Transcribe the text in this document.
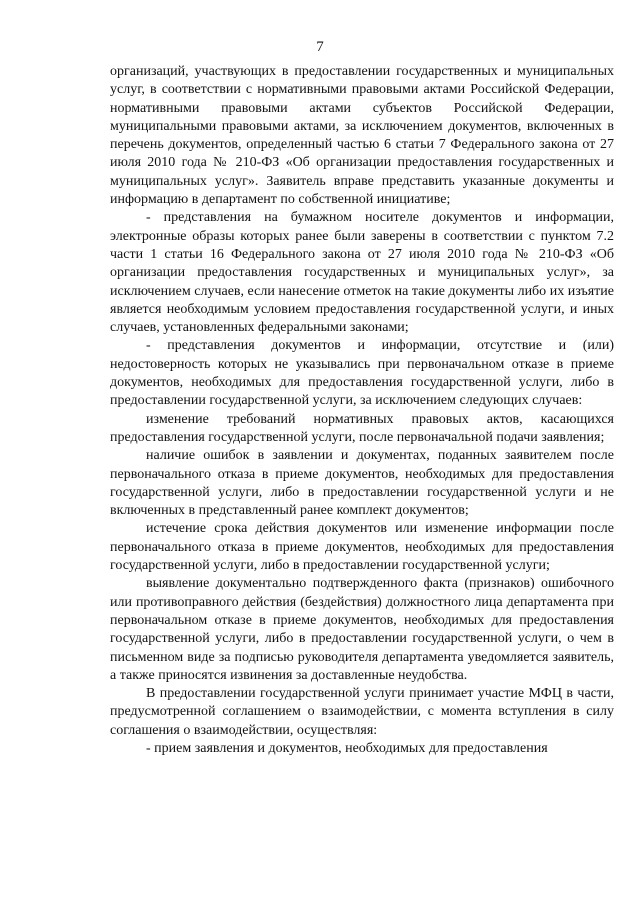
7

организаций, участвующих в предоставлении государственных и муниципальных услуг, в соответствии с нормативными правовыми актами Российской Федерации, нормативными правовыми актами субъектов Российской Федерации, муниципальными правовыми актами, за исключением документов, включенных в перечень документов, определенный частью 6 статьи 7 Федерального закона от 27 июля 2010 года № 210-ФЗ «Об организации предоставления государственных и муниципальных услуг». Заявитель вправе представить указанные документы и информацию в департамент по собственной инициативе;

- представления на бумажном носителе документов и информации, электронные образы которых ранее были заверены в соответствии с пунктом 7.2 части 1 статьи 16 Федерального закона от 27 июля 2010 года № 210-ФЗ «Об организации предоставления государственных и муниципальных услуг», за исключением случаев, если нанесение отметок на такие документы либо их изъятие является необходимым условием предоставления государственной услуги, и иных случаев, установленных федеральными законами;

- представления документов и информации, отсутствие и (или) недостоверность которых не указывались при первоначальном отказе в приеме документов, необходимых для предоставления государственной услуги, либо в предоставлении государственной услуги, за исключением следующих случаев:

изменение требований нормативных правовых актов, касающихся предоставления государственной услуги, после первоначальной подачи заявления;

наличие ошибок в заявлении и документах, поданных заявителем после первоначального отказа в приеме документов, необходимых для предоставления государственной услуги, либо в предоставлении государственной услуги и не включенных в представленный ранее комплект документов;

истечение срока действия документов или изменение информации после первоначального отказа в приеме документов, необходимых для предоставления государственной услуги, либо в предоставлении государственной услуги;

выявление документально подтвержденного факта (признаков) ошибочного или противоправного действия (бездействия) должностного лица департамента при первоначальном отказе в приеме документов, необходимых для предоставления государственной услуги, либо в предоставлении государственной услуги, о чем в письменном виде за подписью руководителя департамента уведомляется заявитель, а также приносятся извинения за доставленные неудобства.

В предоставлении государственной услуги принимает участие МФЦ в части, предусмотренной соглашением о взаимодействии, с момента вступления в силу соглашения о взаимодействии, осуществляя:

- прием заявления и документов, необходимых для предоставления
